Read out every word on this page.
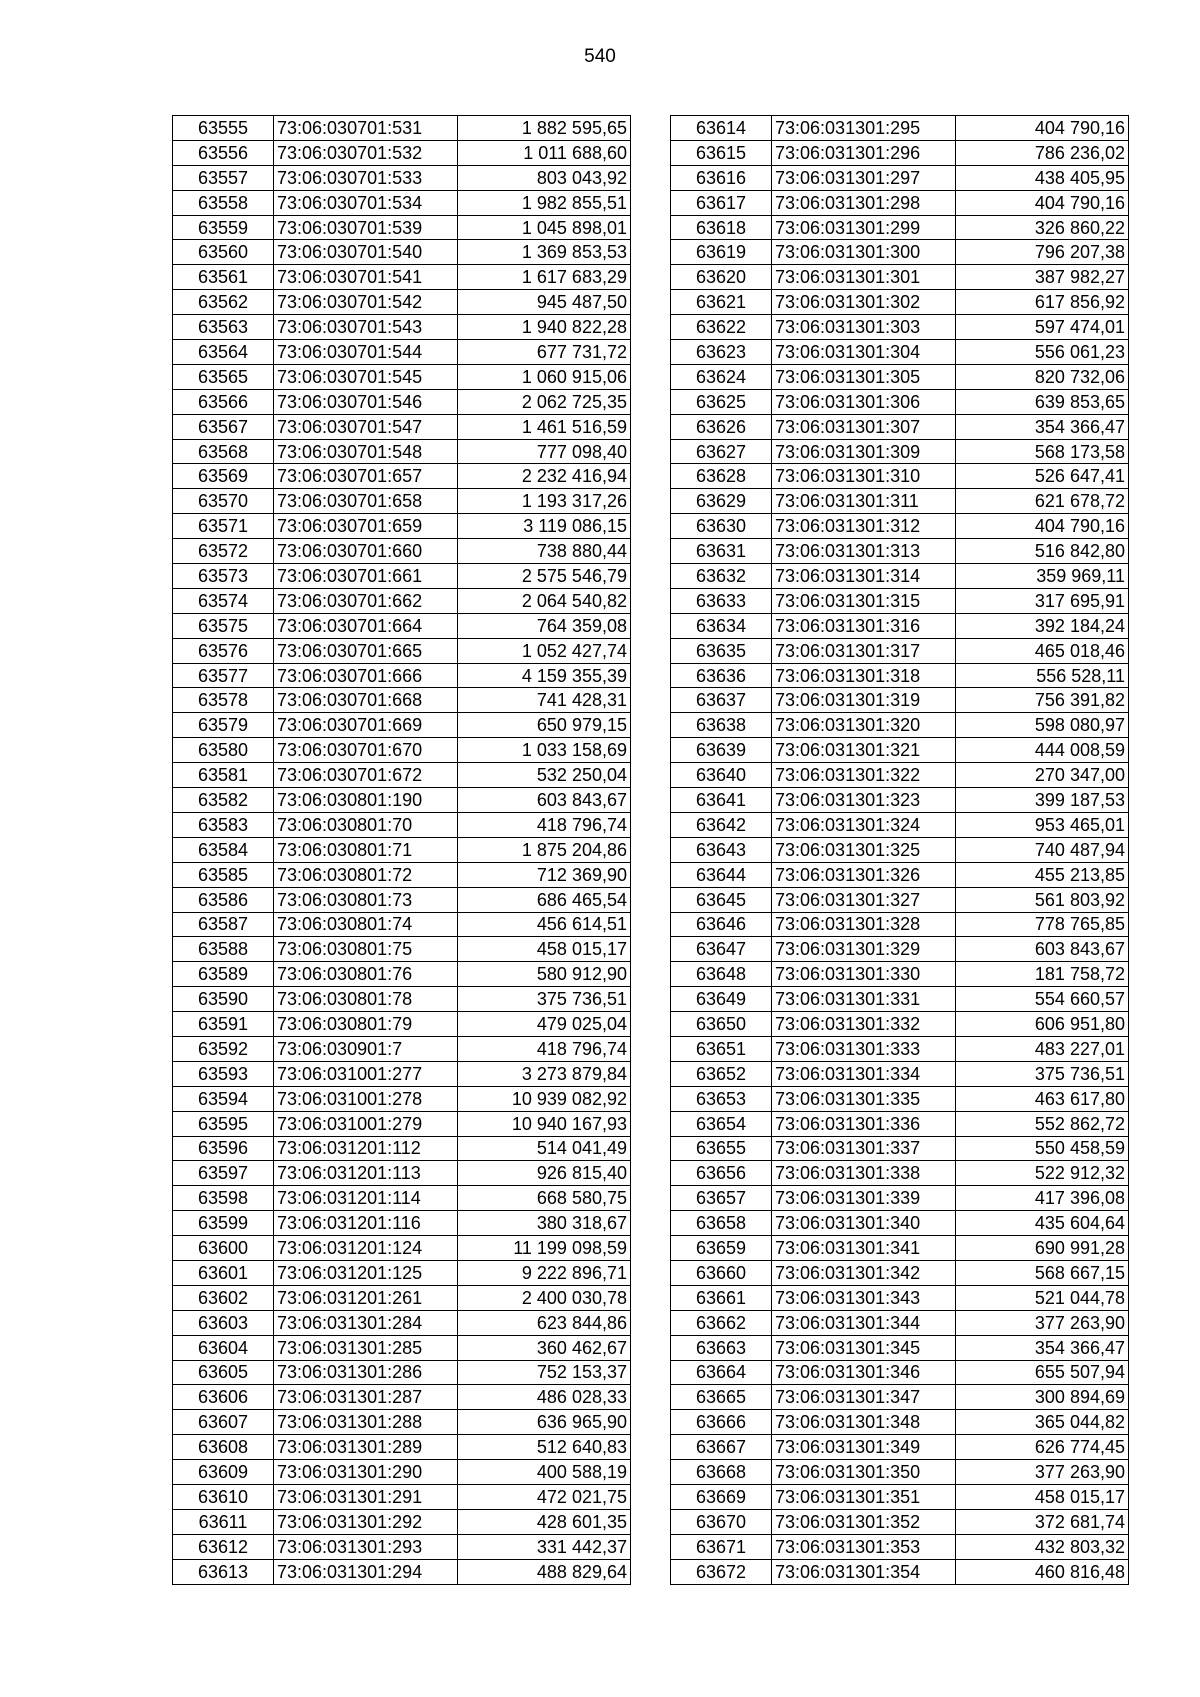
540
63555	73:06:030701:531	1 882 595,65
63556	73:06:030701:532	1 011 688,60
63557	73:06:030701:533	803 043,92
63558	73:06:030701:534	1 982 855,51
63559	73:06:030701:539	1 045 898,01
63560	73:06:030701:540	1 369 853,53
63561	73:06:030701:541	1 617 683,29
63562	73:06:030701:542	945 487,50
63563	73:06:030701:543	1 940 822,28
63564	73:06:030701:544	677 731,72
63565	73:06:030701:545	1 060 915,06
63566	73:06:030701:546	2 062 725,35
63567	73:06:030701:547	1 461 516,59
63568	73:06:030701:548	777 098,40
63569	73:06:030701:657	2 232 416,94
63570	73:06:030701:658	1 193 317,26
63571	73:06:030701:659	3 119 086,15
63572	73:06:030701:660	738 880,44
63573	73:06:030701:661	2 575 546,79
63574	73:06:030701:662	2 064 540,82
63575	73:06:030701:664	764 359,08
63576	73:06:030701:665	1 052 427,74
63577	73:06:030701:666	4 159 355,39
63578	73:06:030701:668	741 428,31
63579	73:06:030701:669	650 979,15
63580	73:06:030701:670	1 033 158,69
63581	73:06:030701:672	532 250,04
63582	73:06:030801:190	603 843,67
63583	73:06:030801:70	418 796,74
63584	73:06:030801:71	1 875 204,86
63585	73:06:030801:72	712 369,90
63586	73:06:030801:73	686 465,54
63587	73:06:030801:74	456 614,51
63588	73:06:030801:75	458 015,17
63589	73:06:030801:76	580 912,90
63590	73:06:030801:78	375 736,51
63591	73:06:030801:79	479 025,04
63592	73:06:030901:7	418 796,74
63593	73:06:031001:277	3 273 879,84
63594	73:06:031001:278	10 939 082,92
63595	73:06:031001:279	10 940 167,93
63596	73:06:031201:112	514 041,49
63597	73:06:031201:113	926 815,40
63598	73:06:031201:114	668 580,75
63599	73:06:031201:116	380 318,67
63600	73:06:031201:124	11 199 098,59
63601	73:06:031201:125	9 222 896,71
63602	73:06:031201:261	2 400 030,78
63603	73:06:031301:284	623 844,86
63604	73:06:031301:285	360 462,67
63605	73:06:031301:286	752 153,37
63606	73:06:031301:287	486 028,33
63607	73:06:031301:288	636 965,90
63608	73:06:031301:289	512 640,83
63609	73:06:031301:290	400 588,19
63610	73:06:031301:291	472 021,75
63611	73:06:031301:292	428 601,35
63612	73:06:031301:293	331 442,37
63613	73:06:031301:294	488 829,64
63614	73:06:031301:295	404 790,16
63615	73:06:031301:296	786 236,02
63616	73:06:031301:297	438 405,95
63617	73:06:031301:298	404 790,16
63618	73:06:031301:299	326 860,22
63619	73:06:031301:300	796 207,38
63620	73:06:031301:301	387 982,27
63621	73:06:031301:302	617 856,92
63622	73:06:031301:303	597 474,01
63623	73:06:031301:304	556 061,23
63624	73:06:031301:305	820 732,06
63625	73:06:031301:306	639 853,65
63626	73:06:031301:307	354 366,47
63627	73:06:031301:309	568 173,58
63628	73:06:031301:310	526 647,41
63629	73:06:031301:311	621 678,72
63630	73:06:031301:312	404 790,16
63631	73:06:031301:313	516 842,80
63632	73:06:031301:314	359 969,11
63633	73:06:031301:315	317 695,91
63634	73:06:031301:316	392 184,24
63635	73:06:031301:317	465 018,46
63636	73:06:031301:318	556 528,11
63637	73:06:031301:319	756 391,82
63638	73:06:031301:320	598 080,97
63639	73:06:031301:321	444 008,59
63640	73:06:031301:322	270 347,00
63641	73:06:031301:323	399 187,53
63642	73:06:031301:324	953 465,01
63643	73:06:031301:325	740 487,94
63644	73:06:031301:326	455 213,85
63645	73:06:031301:327	561 803,92
63646	73:06:031301:328	778 765,85
63647	73:06:031301:329	603 843,67
63648	73:06:031301:330	181 758,72
63649	73:06:031301:331	554 660,57
63650	73:06:031301:332	606 951,80
63651	73:06:031301:333	483 227,01
63652	73:06:031301:334	375 736,51
63653	73:06:031301:335	463 617,80
63654	73:06:031301:336	552 862,72
63655	73:06:031301:337	550 458,59
63656	73:06:031301:338	522 912,32
63657	73:06:031301:339	417 396,08
63658	73:06:031301:340	435 604,64
63659	73:06:031301:341	690 991,28
63660	73:06:031301:342	568 667,15
63661	73:06:031301:343	521 044,78
63662	73:06:031301:344	377 263,90
63663	73:06:031301:345	354 366,47
63664	73:06:031301:346	655 507,94
63665	73:06:031301:347	300 894,69
63666	73:06:031301:348	365 044,82
63667	73:06:031301:349	626 774,45
63668	73:06:031301:350	377 263,90
63669	73:06:031301:351	458 015,17
63670	73:06:031301:352	372 681,74
63671	73:06:031301:353	432 803,32
63672	73:06:031301:354	460 816,48
